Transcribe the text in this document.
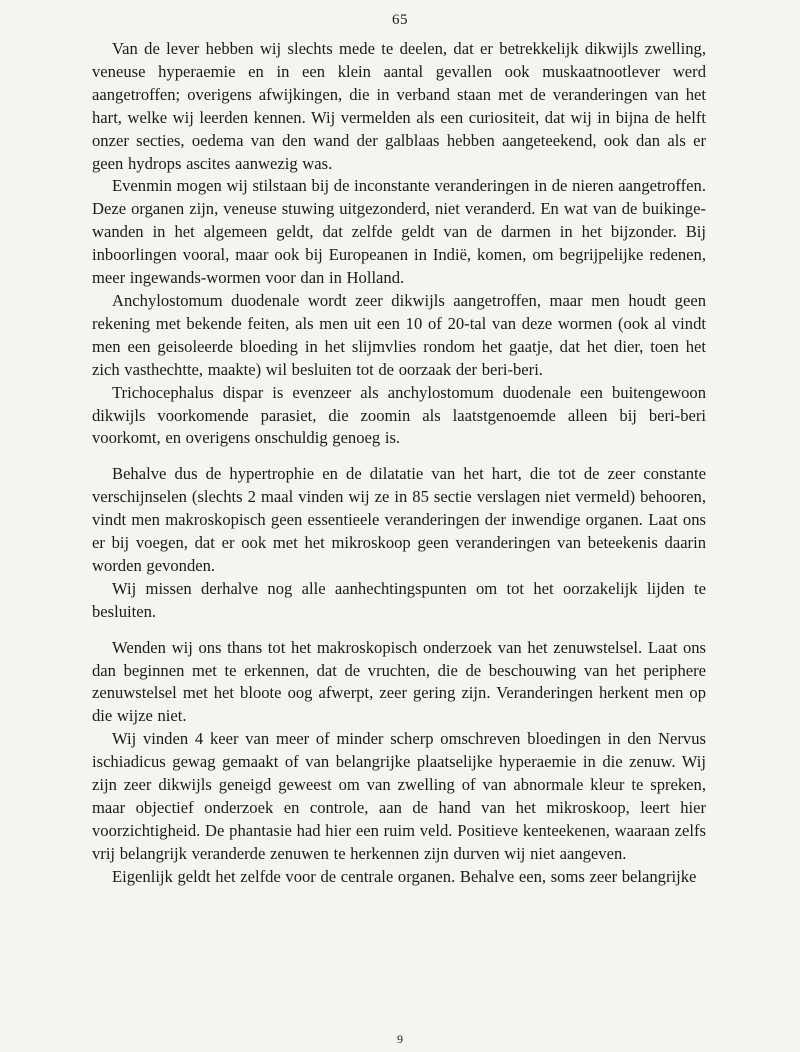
65

Van de lever hebben wij slechts mede te deelen, dat er betrekkelijk dikwijls zwelling, veneuse hyperaemie en in een klein aantal gevallen ook muskaatnootlever werd aangetroffen; overigens afwijkingen, die in verband staan met de veranderingen van het hart, welke wij leerden kennen. Wij vermelden als een curiositeit, dat wij in bijna de helft onzer secties, oedema van den wand der galblaas hebben aangeteekend, ook dan als er geen hydrops ascites aanwezig was.

Evenmin mogen wij stilstaan bij de inconstante veranderingen in de nieren aangetroffen. Deze organen zijn, veneuse stuwing uitgezonderd, niet veranderd. En wat van de buikinge-wanden in het algemeen geldt, dat zelfde geldt van de darmen in het bijzonder. Bij inboorlingen vooral, maar ook bij Europeanen in Indië, komen, om begrijpelijke redenen, meer ingewands-wormen voor dan in Holland.

Anchylostomum duodenale wordt zeer dikwijls aangetroffen, maar men houdt geen rekening met bekende feiten, als men uit een 10 of 20-tal van deze wormen (ook al vindt men een geisoleerde bloeding in het slijmvlies rondom het gaatje, dat het dier, toen het zich vasthechtte, maakte) wil besluiten tot de oorzaak der beri-beri.

Trichocephalus dispar is evenzeer als anchylostomum duodenale een buitengewoon dikwijls voorkomende parasiet, die zoomin als laatstgenoemde alleen bij beri-beri voorkomt, en overigens onschuldig genoeg is.

Behalve dus de hypertrophie en de dilatatie van het hart, die tot de zeer constante verschijnselen (slechts 2 maal vinden wij ze in 85 sectie verslagen niet vermeld) behooren, vindt men makroskopisch geen essentieele veranderingen der inwendige organen. Laat ons er bij voegen, dat er ook met het mikroskoop geen veranderingen van beteekenis daarin worden gevonden.

Wij missen derhalve nog alle aanhechtingspunten om tot het oorzakelijk lijden te besluiten.

Wenden wij ons thans tot het makroskopisch onderzoek van het zenuwstelsel. Laat ons dan beginnen met te erkennen, dat de vruchten, die de beschouwing van het periphere zenuwstelsel met het bloote oog afwerpt, zeer gering zijn. Veranderingen herkent men op die wijze niet.

Wij vinden 4 keer van meer of minder scherp omschreven bloedingen in den Nervus ischiadicus gewag gemaakt of van belangrijke plaatselijke hyperaemie in die zenuw. Wij zijn zeer dikwijls geneigd geweest om van zwelling of van abnormale kleur te spreken, maar objectief onderzoek en controle, aan de hand van het mikroskoop, leert hier voorzichtigheid. De phantasie had hier een ruim veld. Positieve kenteekenen, waaraan zelfs vrij belangrijk veranderde zenuwen te herkennen zijn durven wij niet aangeven.

Eigenlijk geldt het zelfde voor de centrale organen. Behalve een, soms zeer belangrijke

9
